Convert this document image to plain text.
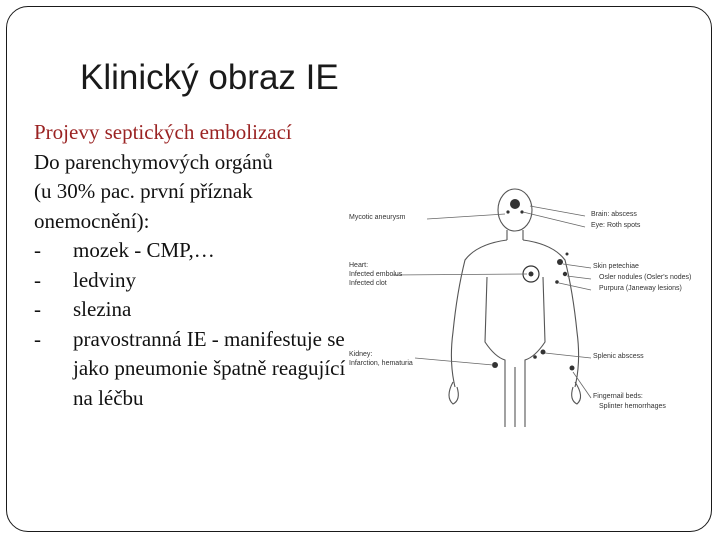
Klinický obraz IE
Projevy septických embolizací
Do parenchymových orgánů
(u 30% pac. první příznak
onemocnění):
-	mozek - CMP,…
-	ledviny
-	slezina
-	pravostranná IE - manifestuje se jako pneumonie špatně reagující na léčbu
Mycotic aneurysm	Brain: abscess
Eye: Roth spots
Heart:
Infected embolus
Infected clot
Skin petechiae
Osler nodules (Osler's nodes)
Purpura (Janeway lesions)
Kidney:
Infarction, hematuria
Splenic abscess
Fingernail beds:
Splinter hemorrhages
